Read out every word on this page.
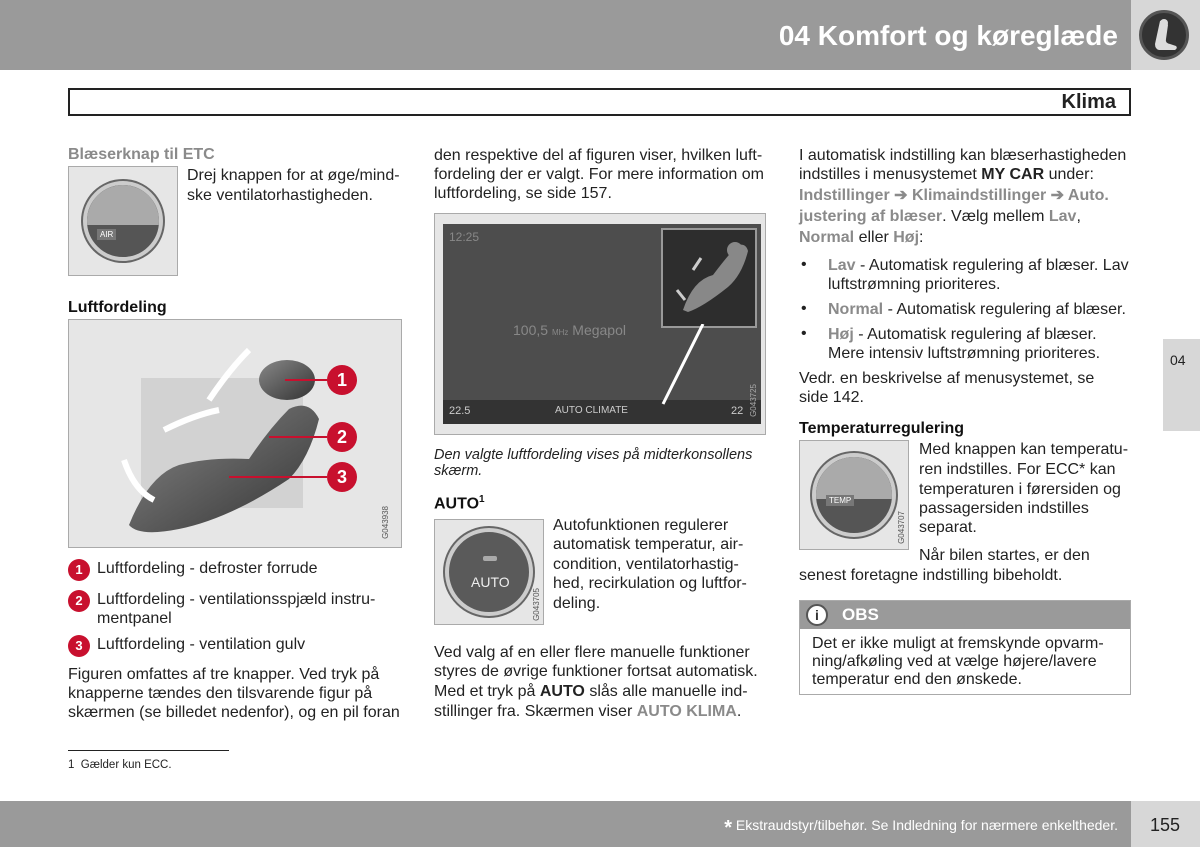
04 Komfort og køreglæde
Klima
Blæserknap til ETC
AIR
Drej knappen for at øge/mind-
ske ventilatorhastigheden.
Luftfordeling
1
2
3
G043938
1 Luftfordeling - defroster forrude
2 Luftfordeling - ventilationsspjæld instru-
mentpanel
3 Luftfordeling - ventilation gulv
Figuren omfattes af tre knapper. Ved tryk på
knapperne tændes den tilsvarende figur på
skærmen (se billedet nedenfor), og en pil foran
1 Gælder kun ECC.
den respektive del af figuren viser, hvilken luft-
fordeling der er valgt. For mere information om
luftfordeling, se side 157.
12:25
100,5 MHz Megapol
22.5	AUTO CLIMATE	22 G043725
Den valgte luftfordeling vises på midterkonsollens
skærm.
AUTO$^1$
AUTO
G043705
Autofunktionen regulerer
automatisk temperatur, air-
condition, ventilatorhastig-
hed, recirkulation og luftfor-
deling.
Ved valg af en eller flere manuelle funktioner
styres de øvrige funktioner fortsat automatisk.
Med et tryk på AUTO slås alle manuelle ind-
stillinger fra. Skærmen viser AUTO KLIMA.
I automatisk indstilling kan blæserhastigheden
indstilles i menusystemet MY CAR under:
Indstillinger ➔ Klimaindstillinger ➔ Auto.
justering af blæser. Vælg mellem Lav,
Normal eller Høj:
• Lav - Automatisk regulering af blæser. Lav
luftstrømning prioriteres.
• Normal - Automatisk regulering af blæser.
• Høj - Automatisk regulering af blæser.
Mere intensiv luftstrømning prioriteres.
Vedr. en beskrivelse af menusystemet, se
side 142.
Temperaturregulering
TEMP
G043707
Med knappen kan temperatu-
ren indstilles. For ECC* kan
temperaturen i førersiden og
passagersiden indstilles
separat.
Når bilen startes, er den
senest foretagne indstilling bibeholdt.
i	OBS
Det er ikke muligt at fremskynde opvarm-
ning/afkøling ved at vælge højere/lavere
temperatur end den ønskede.
04
* Ekstraudstyr/tilbehør. Se Indledning for nærmere enkeltheder. 155
